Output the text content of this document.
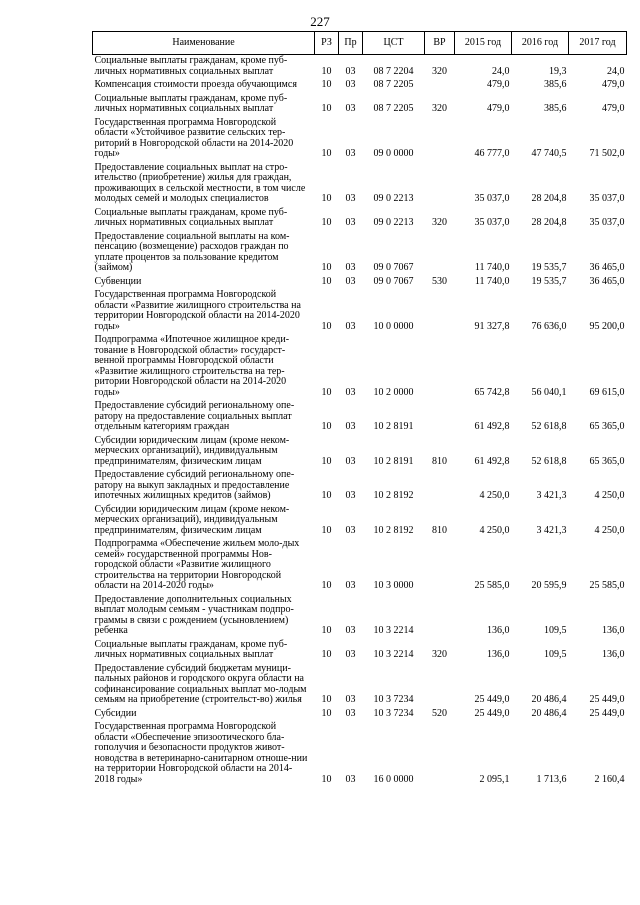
227
Наименование	РЗ	Пр	ЦСТ	ВР	2015 год	2016 год	2017 год
Социальные выплаты гражданам, кроме пуб-личных нормативных социальных выплат	10	03	08 7 2204	320	24,0	19,3	24,0
Компенсация стоимости проезда обучающимся	10	03	08 7 2205		479,0	385,6	479,0
Социальные выплаты гражданам, кроме пуб-личных нормативных социальных выплат	10	03	08 7 2205	320	479,0	385,6	479,0
Государственная программа Новгородской области «Устойчивое развитие сельских тер-риторий в Новгородской области на 2014-2020 годы»	10	03	09 0 0000		46 777,0	47 740,5	71 502,0
Предоставление социальных выплат на стро-ительство (приобретение) жилья для граждан, проживающих в сельской местности, в том числе молодых семей и молодых специалистов	10	03	09 0 2213		35 037,0	28 204,8	35 037,0
Социальные выплаты гражданам, кроме пуб-личных нормативных социальных выплат	10	03	09 0 2213	320	35 037,0	28 204,8	35 037,0
Предоставление социальной выплаты на ком-пенсацию (возмещение) расходов граждан по уплате процентов за пользование кредитом (займом)	10	03	09 0 7067		11 740,0	19 535,7	36 465,0
Субвенции	10	03	09 0 7067	530	11 740,0	19 535,7	36 465,0
Государственная программа Новгородской области «Развитие жилищного строительства на территории Новгородской области на 2014-2020 годы»	10	03	10 0 0000		91 327,8	76 636,0	95 200,0
Подпрограмма «Ипотечное жилищное креди-тование в Новгородской области» государст-венной программы Новгородской области «Развитие жилищного строительства на тер-ритории Новгородской области на 2014-2020 годы»	10	03	10 2 0000		65 742,8	56 040,1	69 615,0
Предоставление субсидий региональному опе-ратору на предоставление социальных выплат отдельным категориям граждан	10	03	10 2 8191		61 492,8	52 618,8	65 365,0
Субсидии юридическим лицам (кроме неком-мерческих организаций), индивидуальным предпринимателям, физическим лицам	10	03	10 2 8191	810	61 492,8	52 618,8	65 365,0
Предоставление субсидий региональному опе-ратору на выкуп закладных и предоставление ипотечных жилищных кредитов (займов)	10	03	10 2 8192		4 250,0	3 421,3	4 250,0
Субсидии юридическим лицам (кроме неком-мерческих организаций), индивидуальным предпринимателям, физическим лицам	10	03	10 2 8192	810	4 250,0	3 421,3	4 250,0
Подпрограмма «Обеспечение жильем моло-дых семей» государственной программы Нов-городской области «Развитие жилищного строительства на территории Новгородской области на 2014-2020 годы»	10	03	10 3 0000		25 585,0	20 595,9	25 585,0
Предоставление дополнительных социальных выплат молодым семьям - участникам подпро-граммы в связи с рождением (усыновлением) ребенка	10	03	10 3 2214		136,0	109,5	136,0
Социальные выплаты гражданам, кроме пуб-личных нормативных социальных выплат	10	03	10 3 2214	320	136,0	109,5	136,0
Предоставление субсидий бюджетам муници-пальных районов и городского округа области на софинансирование социальных выплат мо-лодым семьям на приобретение (строительст-во) жилья	10	03	10 3 7234		25 449,0	20 486,4	25 449,0
Субсидии	10	03	10 3 7234	520	25 449,0	20 486,4	25 449,0
Государственная программа Новгородской области «Обеспечение эпизоотического бла-гополучия и безопасности продуктов живот-новодства в ветеринарно-санитарном отноше-нии на территории Новгородской области на 2014-2018 годы»	10	03	16 0 0000		2 095,1	1 713,6	2 160,4
